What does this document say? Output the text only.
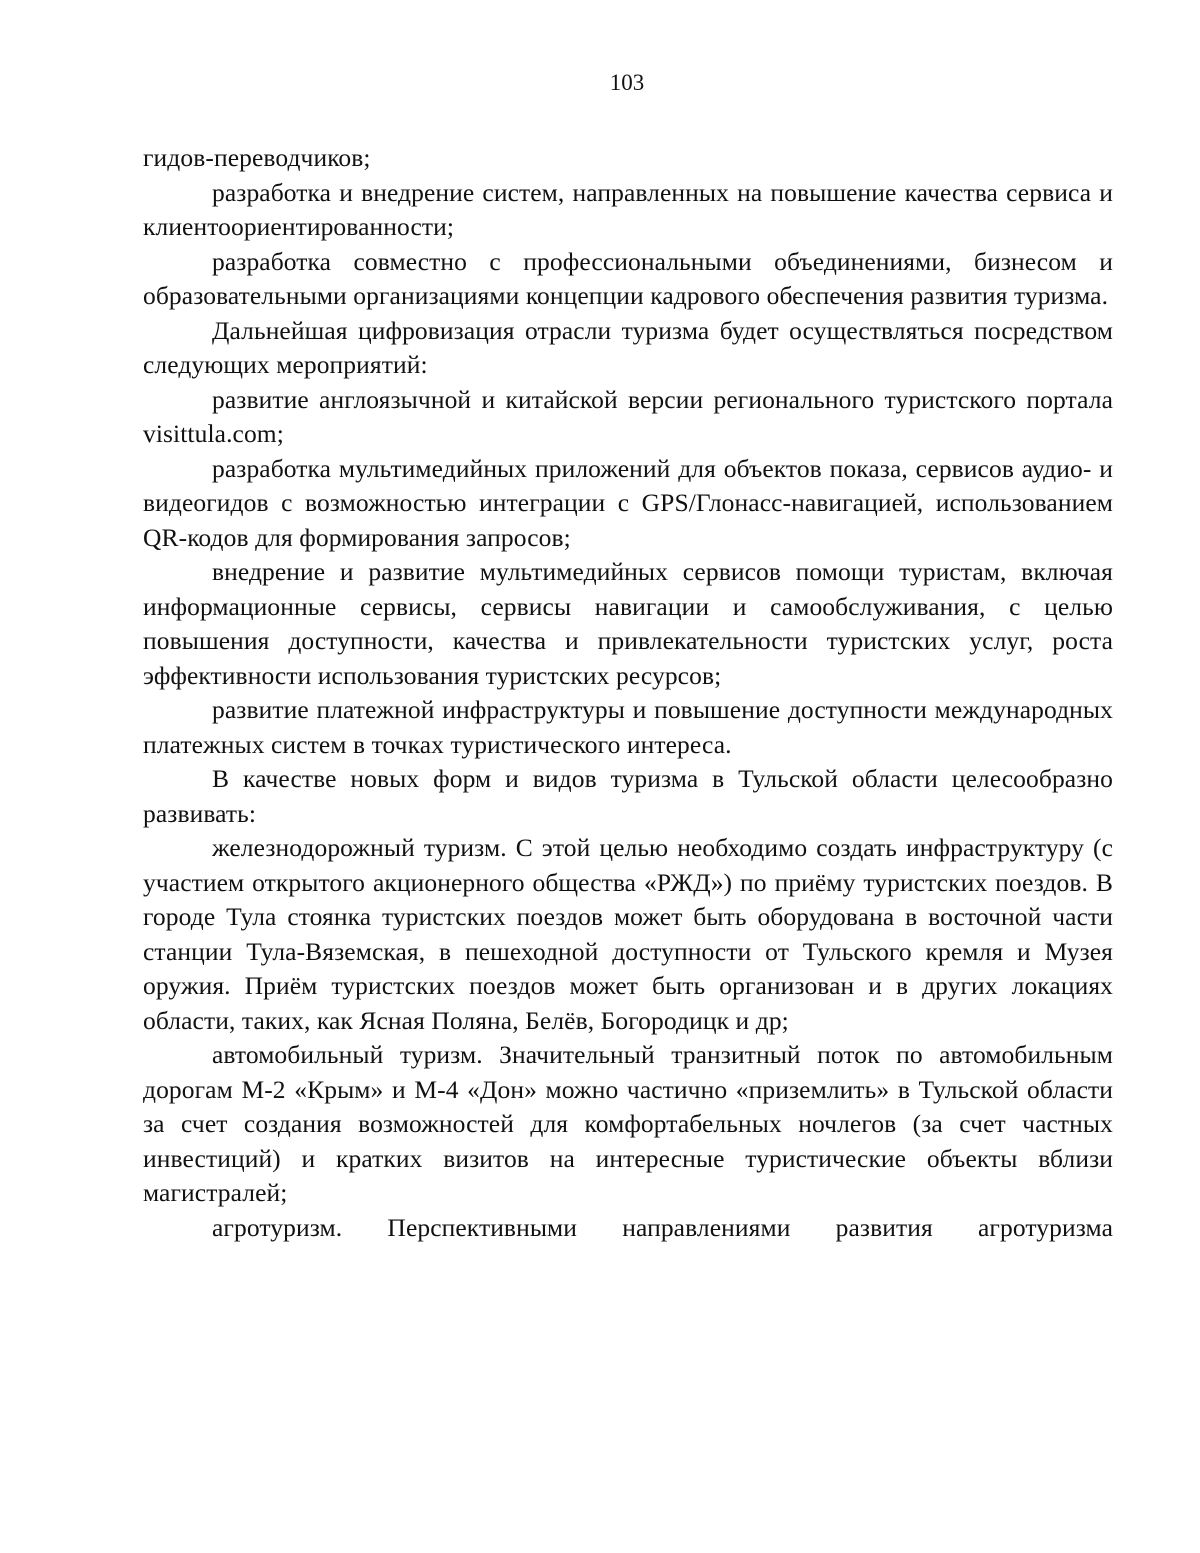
103

гидов-переводчиков;

разработка и внедрение систем, направленных на повышение качества сервиса и клиентоориентированности;

разработка совместно с профессиональными объединениями, бизнесом и образовательными организациями концепции кадрового обеспечения развития туризма.

Дальнейшая цифровизация отрасли туризма будет осуществляться посредством следующих мероприятий:

развитие англоязычной и китайской версии регионального туристского портала visittula.com;

разработка мультимедийных приложений для объектов показа, сервисов аудио- и видеогидов с возможностью интеграции с GPS/Глонасс-навигацией, использованием QR-кодов для формирования запросов;

внедрение и развитие мультимедийных сервисов помощи туристам, включая информационные сервисы, сервисы навигации и самообслуживания, с целью повышения доступности, качества и привлекательности туристских услуг, роста эффективности использования туристских ресурсов;

развитие платежной инфраструктуры и повышение доступности международных платежных систем в точках туристического интереса.

В качестве новых форм и видов туризма в Тульской области целесообразно развивать:

железнодорожный туризм. С этой целью необходимо создать инфраструктуру (с участием открытого акционерного общества «РЖД») по приёму туристских поездов. В городе Тула стоянка туристских поездов может быть оборудована в восточной части станции Тула-Вяземская, в пешеходной доступности от Тульского кремля и Музея оружия. Приём туристских поездов может быть организован и в других локациях области, таких, как Ясная Поляна, Белёв, Богородицк и др;

автомобильный туризм. Значительный транзитный поток по автомобильным дорогам М-2 «Крым» и М-4 «Дон» можно частично «приземлить» в Тульской области за счет создания возможностей для комфортабельных ночлегов (за счет частных инвестиций) и кратких визитов на интересные туристические объекты вблизи магистралей;

агротуризм. Перспективными направлениями развития агротуризма
